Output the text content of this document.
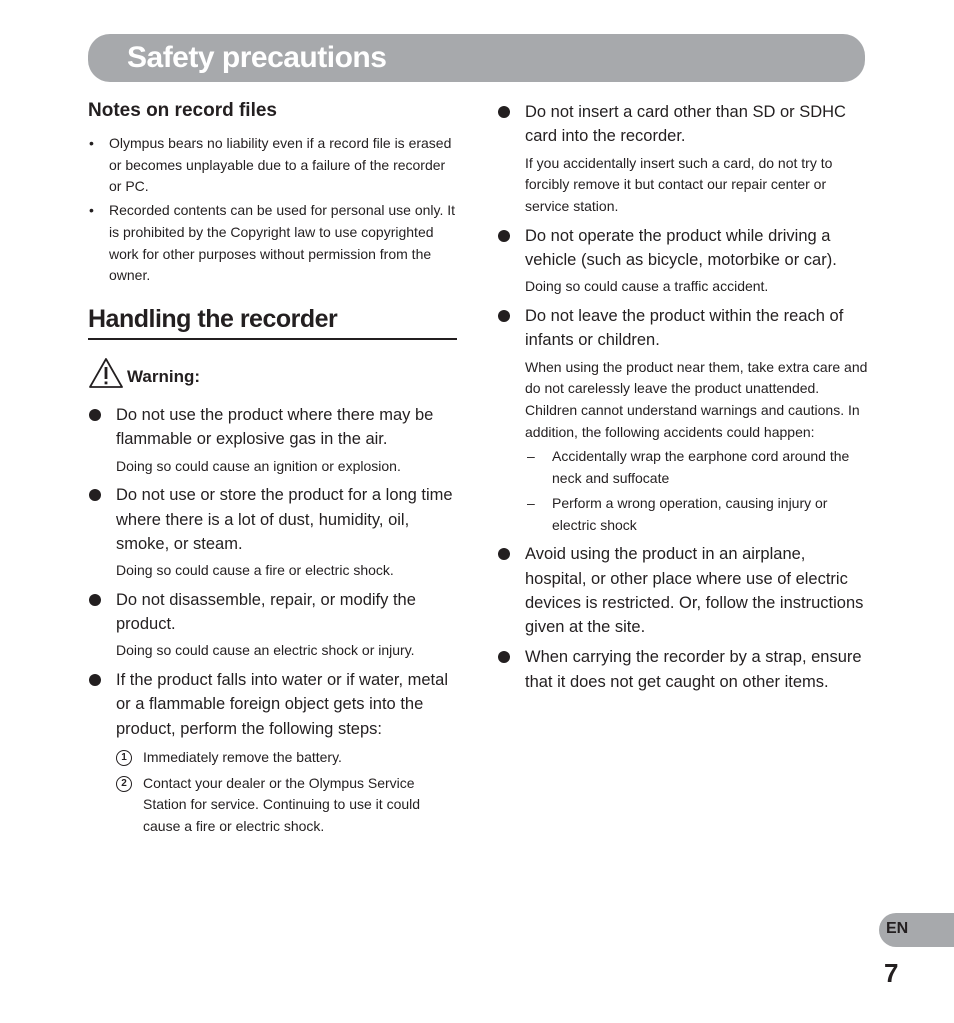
Safety precautions
Notes on record files
• Olympus bears no liability even if a record file is erased or becomes unplayable due to a failure of the recorder or PC.
• Recorded contents can be used for personal use only. It is prohibited by the Copyright law to use copyrighted work for other purposes without permission from the owner.
Handling the recorder
Warning:
Do not use the product where there may be flammable or explosive gas in the air.
Doing so could cause an ignition or explosion.
Do not use or store the product for a long time where there is a lot of dust, humidity, oil, smoke, or steam.
Doing so could cause a fire or electric shock.
Do not disassemble, repair, or modify the product.
Doing so could cause an electric shock or injury.
If the product falls into water or if water, metal or a flammable foreign object gets into the product, perform the following steps:
1	Immediately remove the battery.
2	Contact your dealer or the Olympus Service Station for service. Continuing to use it could cause a fire or electric shock.
Do not insert a card other than SD or SDHC card into the recorder.
If you accidentally insert such a card, do not try to forcibly remove it but contact our repair center or service station.
Do not operate the product while driving a vehicle (such as bicycle, motorbike or car).
Doing so could cause a traffic accident.
Do not leave the product within the reach of infants or children.
When using the product near them, take extra care and do not carelessly leave the product unattended. Children cannot understand warnings and cautions. In addition, the following accidents could happen:
– Accidentally wrap the earphone cord around the neck and suffocate
– Perform a wrong operation, causing injury or electric shock
Avoid using the product in an airplane, hospital, or other place where use of electric devices is restricted. Or, follow the instructions given at the site.
When carrying the recorder by a strap, ensure that it does not get caught on other items.
EN
7
